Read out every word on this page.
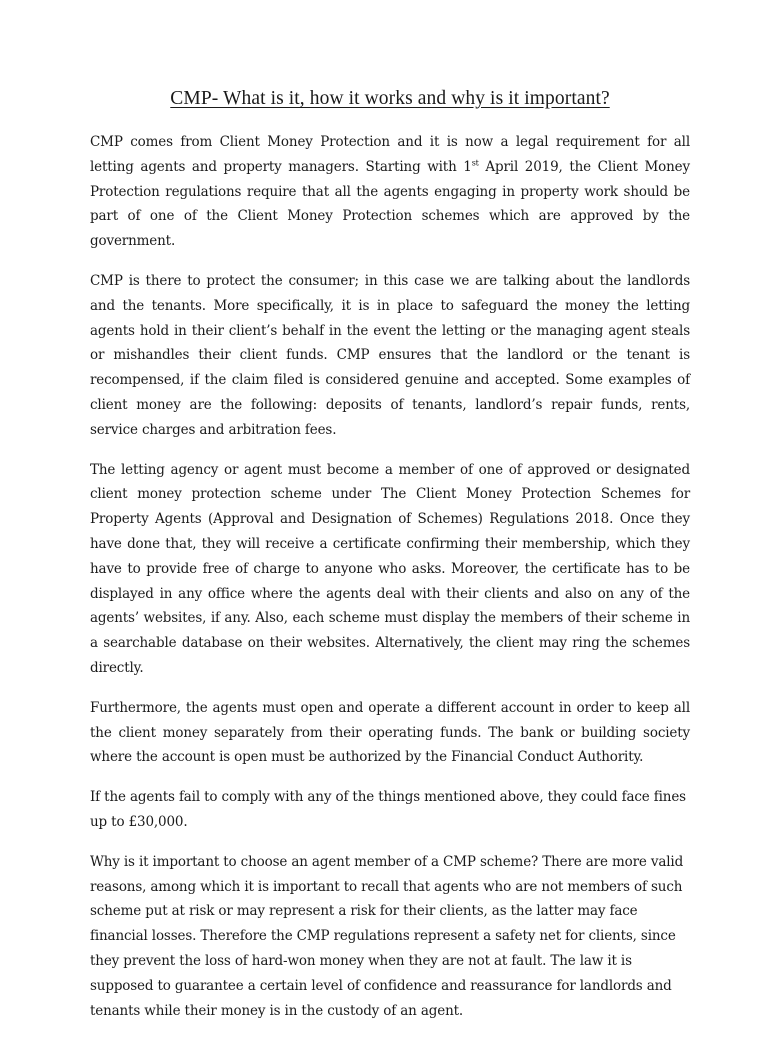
CMP- What is it, how it works and why is it important?

CMP comes from Client Money Protection and it is now a legal requirement for all letting agents and property managers. Starting with 1st April 2019, the Client Money Protection regulations require that all the agents engaging in property work should be part of one of the Client Money Protection schemes which are approved by the government.

CMP is there to protect the consumer; in this case we are talking about the landlords and the tenants. More specifically, it is in place to safeguard the money the letting agents hold in their client’s behalf in the event the letting or the managing agent steals or mishandles their client funds. CMP ensures that the landlord or the tenant is recompensed, if the claim filed is considered genuine and accepted. Some examples of client money are the following: deposits of tenants, landlord’s repair funds, rents, service charges and arbitration fees.

The letting agency or agent must become a member of one of approved or designated client money protection scheme under The Client Money Protection Schemes for Property Agents (Approval and Designation of Schemes) Regulations 2018. Once they have done that, they will receive a certificate confirming their membership, which they have to provide free of charge to anyone who asks. Moreover, the certificate has to be displayed in any office where the agents deal with their clients and also on any of the agents’ websites, if any. Also, each scheme must display the members of their scheme in a searchable database on their websites. Alternatively, the client may ring the schemes directly.

Furthermore, the agents must open and operate a different account in order to keep all the client money separately from their operating funds. The bank or building society where the account is open must be authorized by the Financial Conduct Authority.

If the agents fail to comply with any of the things mentioned above, they could face fines up to £30,000.

Why is it important to choose an agent member of a CMP scheme? There are more valid reasons, among which it is important to recall that agents who are not members of such scheme put at risk or may represent a risk for their clients, as the latter may face financial losses. Therefore the CMP regulations represent a safety net for clients, since they prevent the loss of hard-won money when they are not at fault. The law it is supposed to guarantee a certain level of confidence and reassurance for landlords and tenants while their money is in the custody of an agent.
